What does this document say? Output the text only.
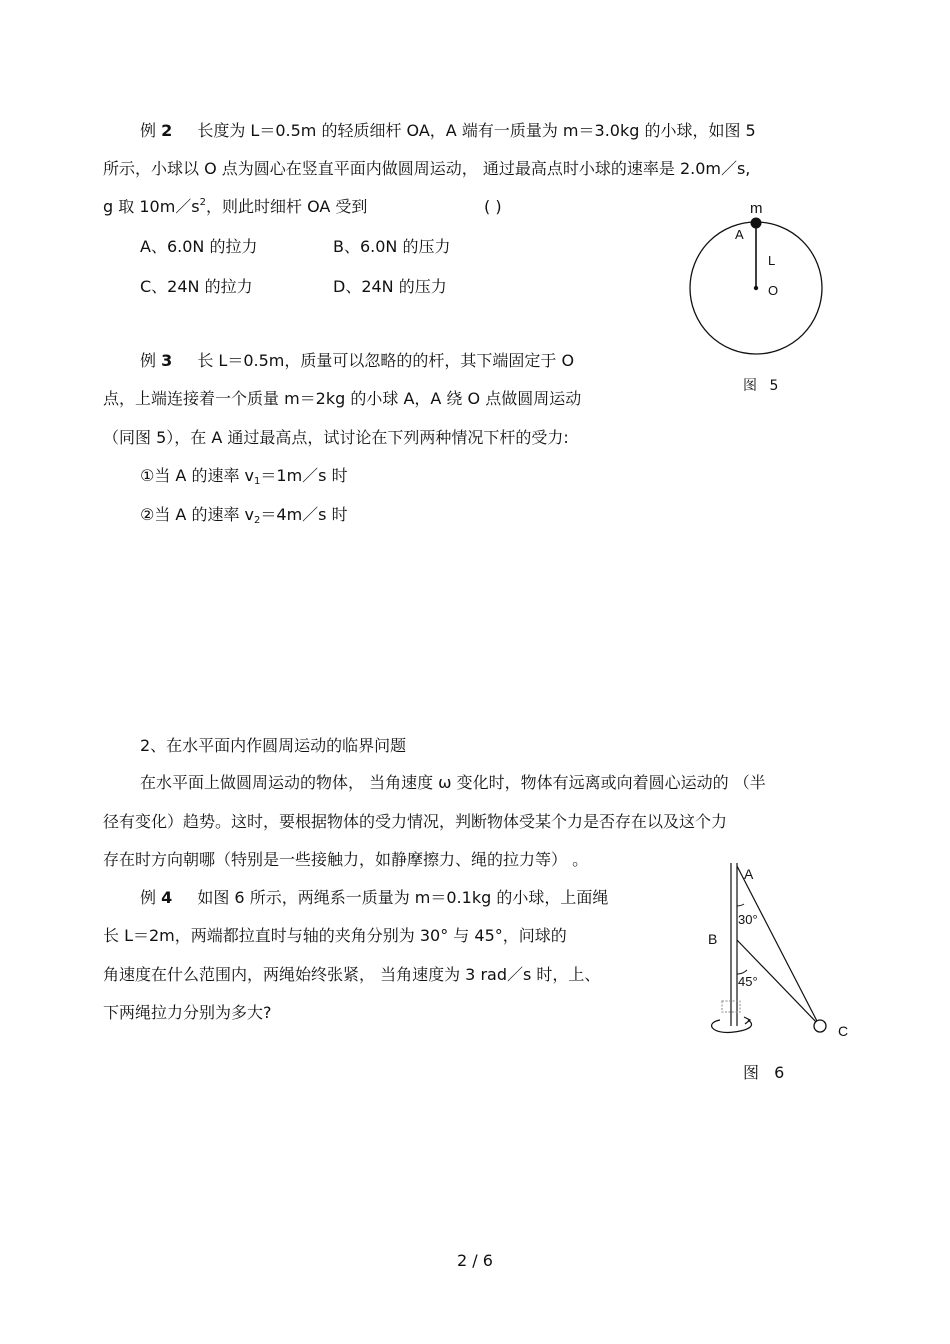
例 2 长度为 L＝0.5m 的轻质细杆 OA，A 端有一质量为 m＝3.0kg 的小球，如图 5
所示，小球以 O 点为圆心在竖直平面内做圆周运动， 通过最高点时小球的速率是 2.0m／s,
g 取 $10m/s^2$，则此时细杆 OA 受到	( )
A、6.0N 的拉力	B、6.0N 的压力
C、24N 的拉力	D、24N 的压力
m
A
L
O
图 5
例 3 长 L＝0.5m，质量可以忽略的的杆，其下端固定于 O
点，上端连接着一个质量 m＝2kg 的小球 A，A 绕 O 点做圆周运动
（同图 5），在 A 通过最高点，试讨论在下列两种情况下杆的受力:
①当 A 的速率 $v_1=1m/s$ 时
②当 A 的速率 $v_2=4m/s$ 时
2、在水平面内作圆周运动的临界问题
在水平面上做圆周运动的物体， 当角速度 ω 变化时，物体有远离或向着圆心运动的 （半
径有变化）趋势。这时，要根据物体的受力情况，判断物体受某个力是否存在以及这个力
存在时方向朝哪（特别是一些接触力，如静摩擦力、绳的拉力等） 。
例 4 如图 6 所示，两绳系一质量为 m＝0.1kg 的小球，上面绳
长 L＝2m，两端都拉直时与轴的夹角分别为 30° 与 45°，问球的
角速度在什么范围内，两绳始终张紧， 当角速度为 3 rad／s 时，上、
下两绳拉力分别为多大?
A
B
C
30°
45°
图 6
2 / 6
